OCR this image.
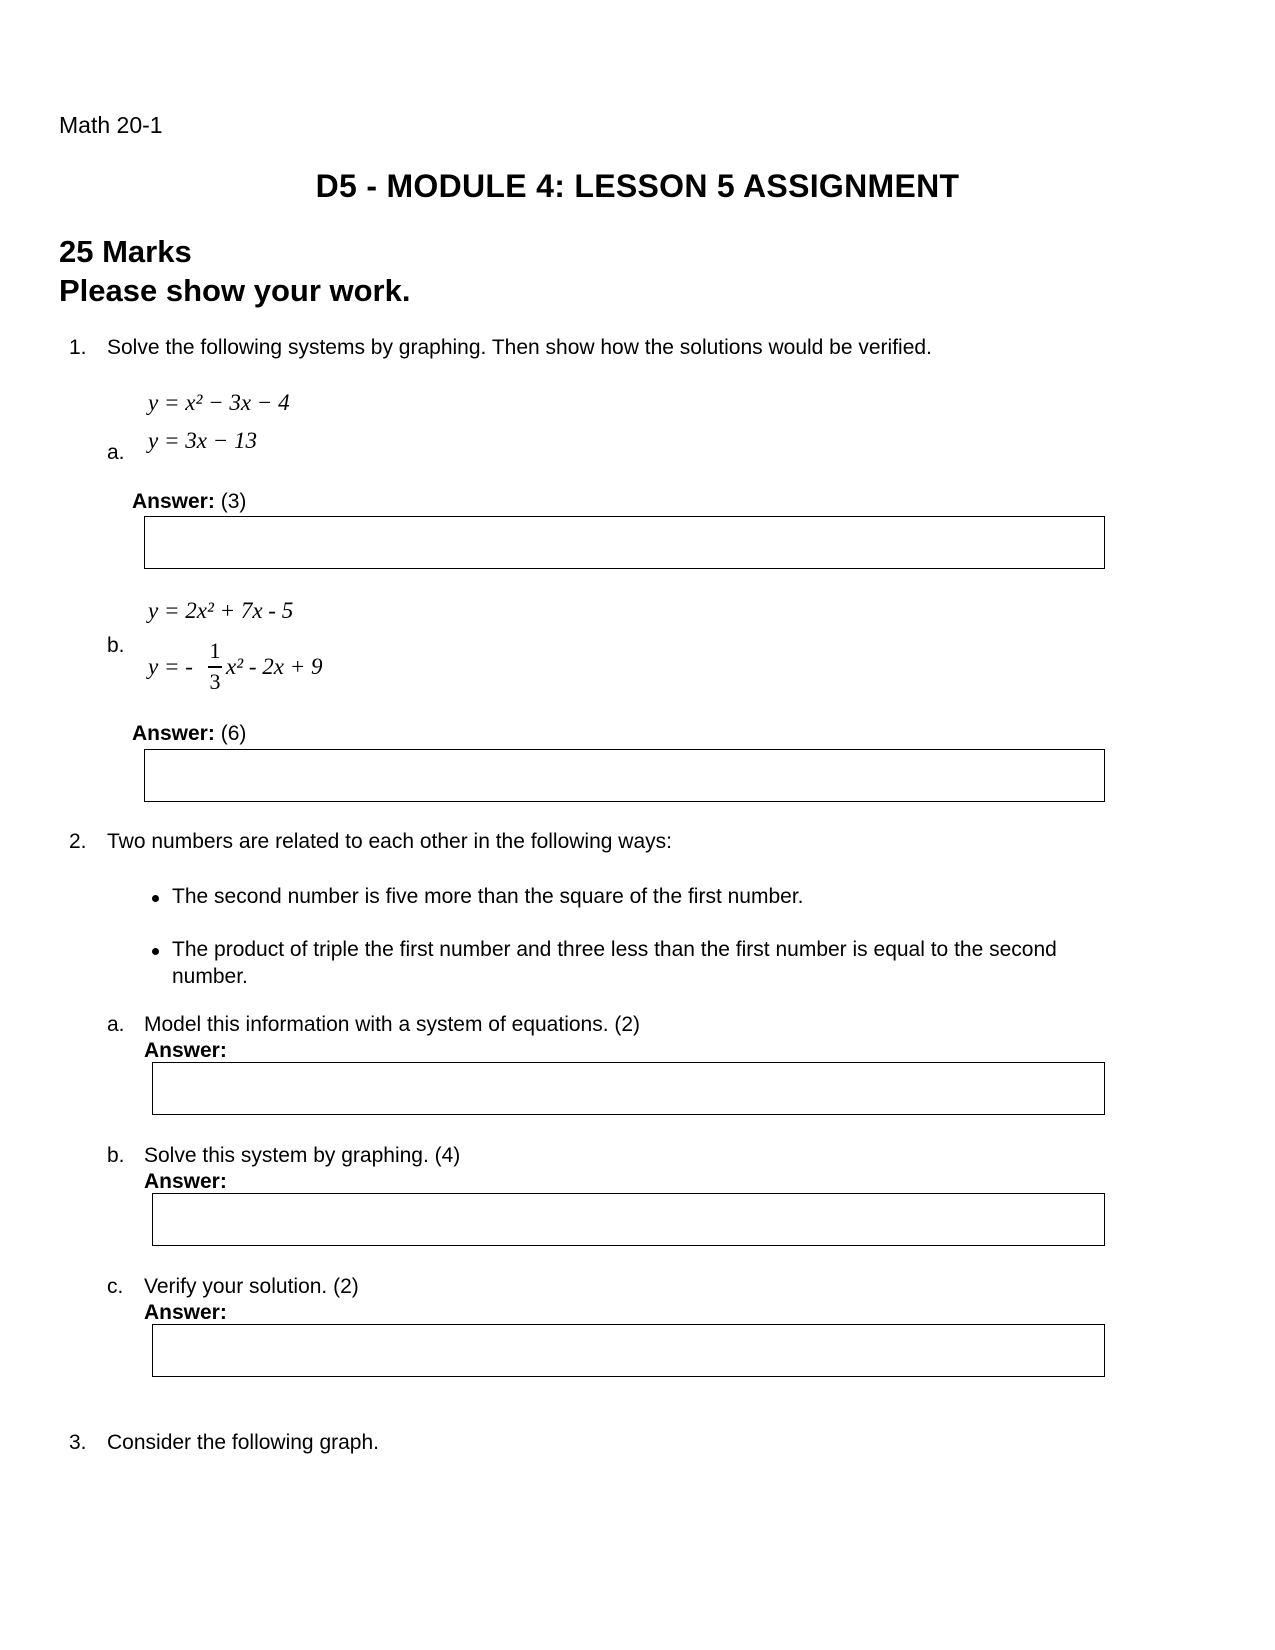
Math 20-1
D5 - MODULE 4: LESSON 5 ASSIGNMENT
25 Marks
Please show your work.
1. Solve the following systems by graphing. Then show how the solutions would be verified.
y = x² − 3x − 4
y = 3x − 13
a.
Answer: (3)
y = 2x² + 7x - 5
b.
y = -
1
3
x² - 2x + 9
Answer: (6)
2. Two numbers are related to each other in the following ways:
The second number is five more than the square of the first number.
The product of triple the first number and three less than the first number is equal to the second number.
a. Model this information with a system of equations. (2)
Answer:
b. Solve this system by graphing. (4)
Answer:
c. Verify your solution. (2)
Answer:
3. Consider the following graph.
